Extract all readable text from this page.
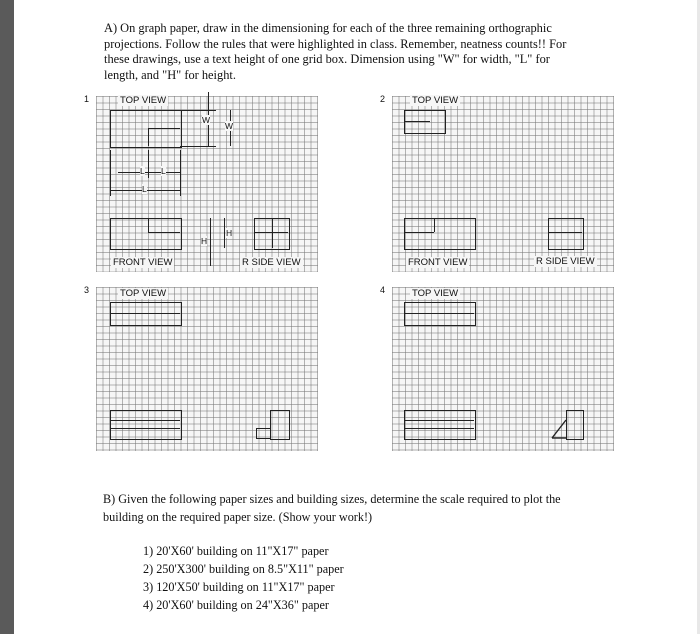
A) On graph paper, draw in the dimensioning for each of the three remaining orthographic
projections. Follow the rules that were highlighted in class. Remember, neatness counts!! For
these drawings, use a text height of one grid box. Dimension using "W" for width, "L" for
length, and "H" for height.
1	TOP VIEW
W
W
L L
L
H
H
FRONT VIEW	R SIDE VIEW
2	TOP VIEW
FRONT VIEW	R SIDE VIEW
3	TOP VIEW	4	TOP VIEW
B) Given the following paper sizes and building sizes, determine the scale required to plot the
building on the required paper size. (Show your work!)
1) 20'X60' building on 11"X17" paper
2) 250'X300' building on 8.5"X11" paper
3) 120'X50' building on 11"X17" paper
4) 20'X60' building on 24"X36" paper
